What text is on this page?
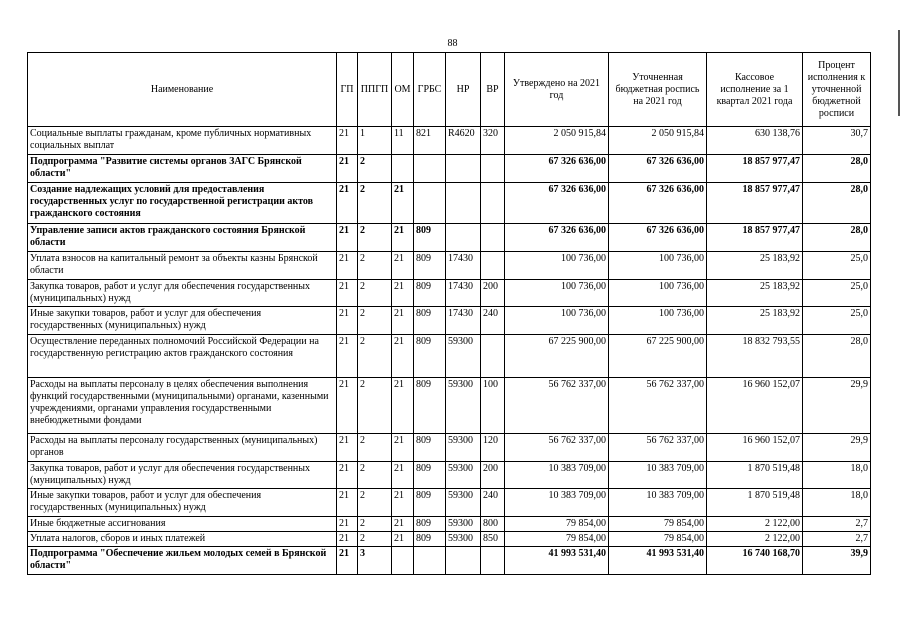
88
Наименование	ГП	ППГП	ОМ	ГРБС	НР	ВР	Утверждено на 2021 год	Уточненная бюджетная роспись на 2021 год	Кассовое исполнение за 1 квартал 2021 года	Процент исполнения к уточненной бюджетной росписи
Социальные выплаты гражданам, кроме публичных нормативных социальных выплат	21	1	11	821	R4620	320	2 050 915,84	2 050 915,84	630 138,76	30,7
Подпрограмма "Развитие системы органов ЗАГС Брянской области"	21	2					67 326 636,00	67 326 636,00	18 857 977,47	28,0
Создание надлежащих условий для предоставления государственных услуг по государственной регистрации актов гражданского состояния	21	2	21				67 326 636,00	67 326 636,00	18 857 977,47	28,0
Управление записи актов гражданского состояния Брянской области	21	2	21	809			67 326 636,00	67 326 636,00	18 857 977,47	28,0
Уплата взносов на капитальный ремонт за объекты казны Брянской области	21	2	21	809	17430		100 736,00	100 736,00	25 183,92	25,0
Закупка товаров, работ и услуг для обеспечения государственных (муниципальных) нужд	21	2	21	809	17430	200	100 736,00	100 736,00	25 183,92	25,0
Иные закупки товаров, работ и услуг для обеспечения государственных (муниципальных) нужд	21	2	21	809	17430	240	100 736,00	100 736,00	25 183,92	25,0
Осуществление переданных полномочий Российской Федерации на государственную регистрацию актов гражданского состояния	21	2	21	809	59300		67 225 900,00	67 225 900,00	18 832 793,55	28,0
Расходы на выплаты персоналу в целях обеспечения выполнения функций государственными (муниципальными) органами, казенными учреждениями, органами управления государственными внебюджетными фондами	21	2	21	809	59300	100	56 762 337,00	56 762 337,00	16 960 152,07	29,9
Расходы на выплаты персоналу государственных (муниципальных) органов	21	2	21	809	59300	120	56 762 337,00	56 762 337,00	16 960 152,07	29,9
Закупка товаров, работ и услуг для обеспечения государственных (муниципальных) нужд	21	2	21	809	59300	200	10 383 709,00	10 383 709,00	1 870 519,48	18,0
Иные закупки товаров, работ и услуг для обеспечения государственных (муниципальных) нужд	21	2	21	809	59300	240	10 383 709,00	10 383 709,00	1 870 519,48	18,0
Иные бюджетные ассигнования	21	2	21	809	59300	800	79 854,00	79 854,00	2 122,00	2,7
Уплата налогов, сборов и иных платежей	21	2	21	809	59300	850	79 854,00	79 854,00	2 122,00	2,7
Подпрограмма "Обеспечение жильем молодых семей в Брянской области"	21	3					41 993 531,40	41 993 531,40	16 740 168,70	39,9
